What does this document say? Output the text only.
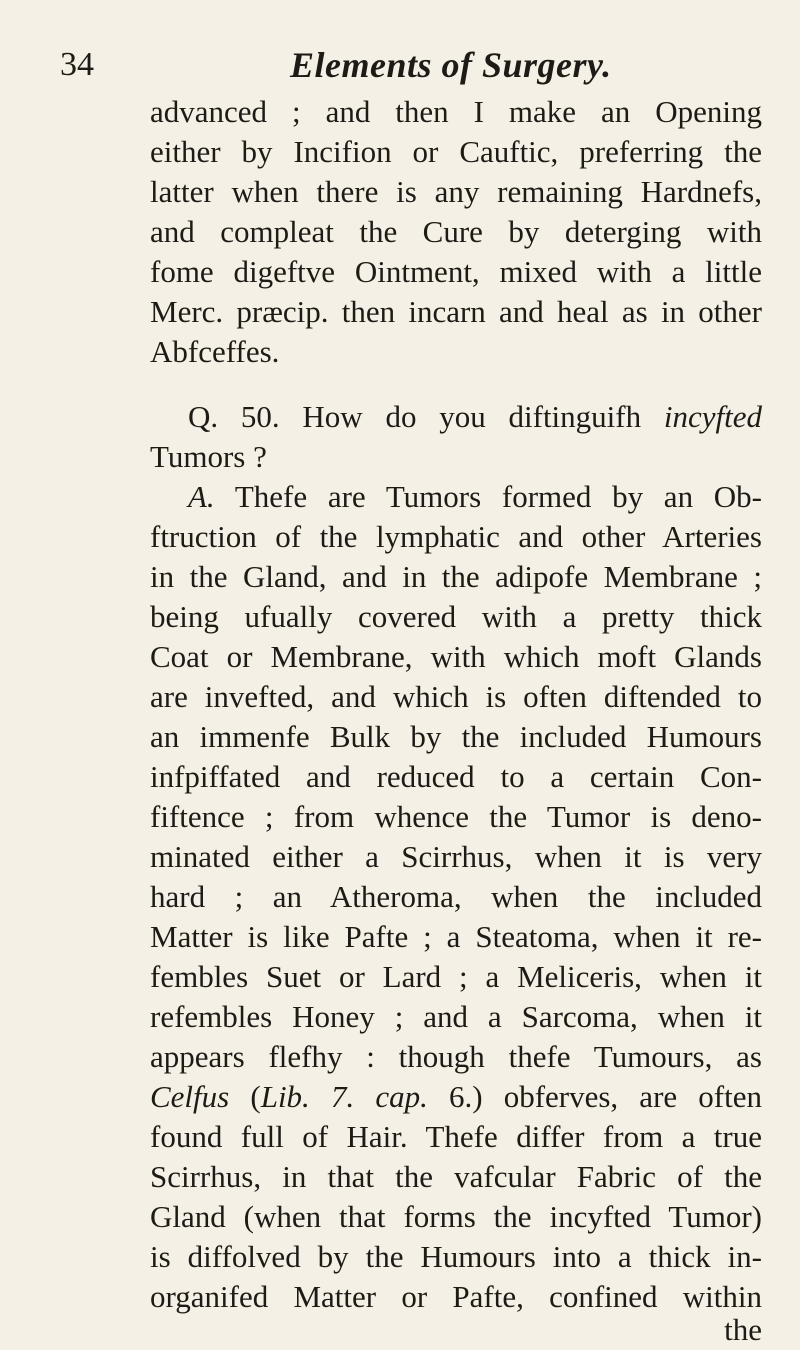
34	Elements of Surgery.
advanced ; and then I make an Opening
either by Incifion or Cauftic, preferring the
latter when there is any remaining Hardnefs,
and compleat the Cure by deterging with
fome digeftve Ointment, mixed with a little
Merc. præcip. then incarn and heal as in other
Abfceffes.
Q. 50. How do you diftinguifh incyfted
Tumors ?
A. Thefe are Tumors formed by an Ob-
ftruction of the lymphatic and other Arteries
in the Gland, and in the adipofe Membrane ;
being ufually covered with a pretty thick
Coat or Membrane, with which moft Glands
are invefted, and which is often diftended to
an immenfe Bulk by the included Humours
infpiffated and reduced to a certain Con-
fiftence ; from whence the Tumor is deno-
minated either a Scirrhus, when it is very
hard ; an Atheroma, when the included
Matter is like Pafte ; a Steatoma, when it re-
fembles Suet or Lard ; a Meliceris, when it
refembles Honey ; and a Sarcoma, when it
appears flefhy : though thefe Tumours, as
Celfus (Lib. 7. cap. 6.) obferves, are often
found full of Hair. Thefe differ from a true
Scirrhus, in that the vafcular Fabric of the
Gland (when that forms the incyfted Tumor)
is diffolved by the Humours into a thick in-
organifed Matter or Pafte, confined within
the
